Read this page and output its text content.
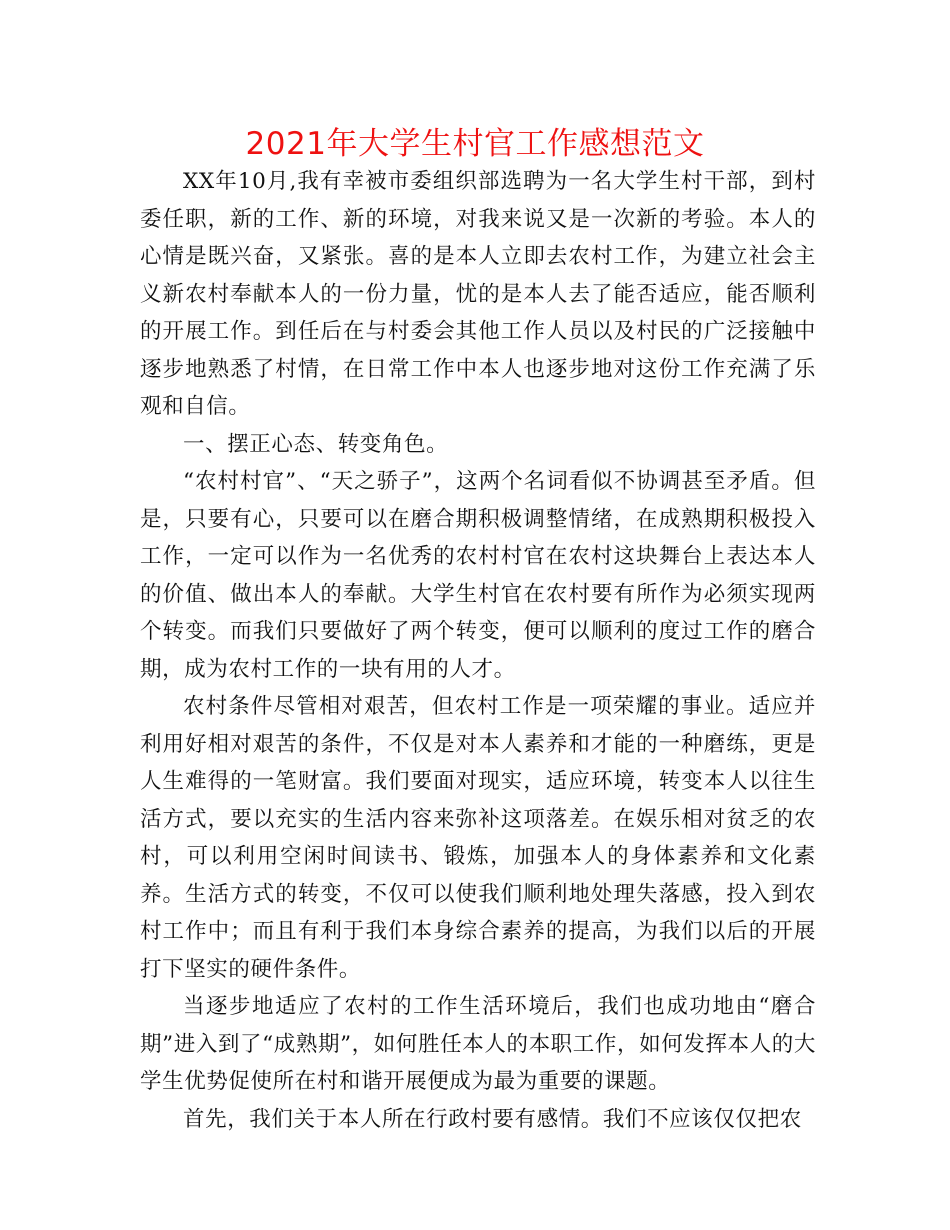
2021年大学生村官工作感想范文

XX年10月,我有幸被市委组织部选聘为一名大学生村干部，到村委任职，新的工作、新的环境，对我来说又是一次新的考验。本人的心情是既兴奋，又紧张。喜的是本人立即去农村工作，为建立社会主义新农村奉献本人的一份力量，忧的是本人去了能否适应，能否顺利的开展工作。到任后在与村委会其他工作人员以及村民的广泛接触中逐步地熟悉了村情，在日常工作中本人也逐步地对这份工作充满了乐观和自信。

一、摆正心态、转变角色。

“农村村官”、“天之骄子”，这两个名词看似不协调甚至矛盾。但是，只要有心，只要可以在磨合期积极调整情绪，在成熟期积极投入工作，一定可以作为一名优秀的农村村官在农村这块舞台上表达本人的价值、做出本人的奉献。大学生村官在农村要有所作为必须实现两个转变。而我们只要做好了两个转变，便可以顺利的度过工作的磨合期，成为农村工作的一块有用的人才。

农村条件尽管相对艰苦，但农村工作是一项荣耀的事业。适应并利用好相对艰苦的条件，不仅是对本人素养和才能的一种磨练，更是人生难得的一笔财富。我们要面对现实，适应环境，转变本人以往生活方式，要以充实的生活内容来弥补这项落差。在娱乐相对贫乏的农村，可以利用空闲时间读书、锻炼，加强本人的身体素养和文化素养。生活方式的转变，不仅可以使我们顺利地处理失落感，投入到农村工作中；而且有利于我们本身综合素养的提高，为我们以后的开展打下坚实的硬件条件。

当逐步地适应了农村的工作生活环境后，我们也成功地由“磨合期”进入到了“成熟期”，如何胜任本人的本职工作，如何发挥本人的大学生优势促使所在村和谐开展便成为最为重要的课题。

首先，我们关于本人所在行政村要有感情。我们不应该仅仅把农
